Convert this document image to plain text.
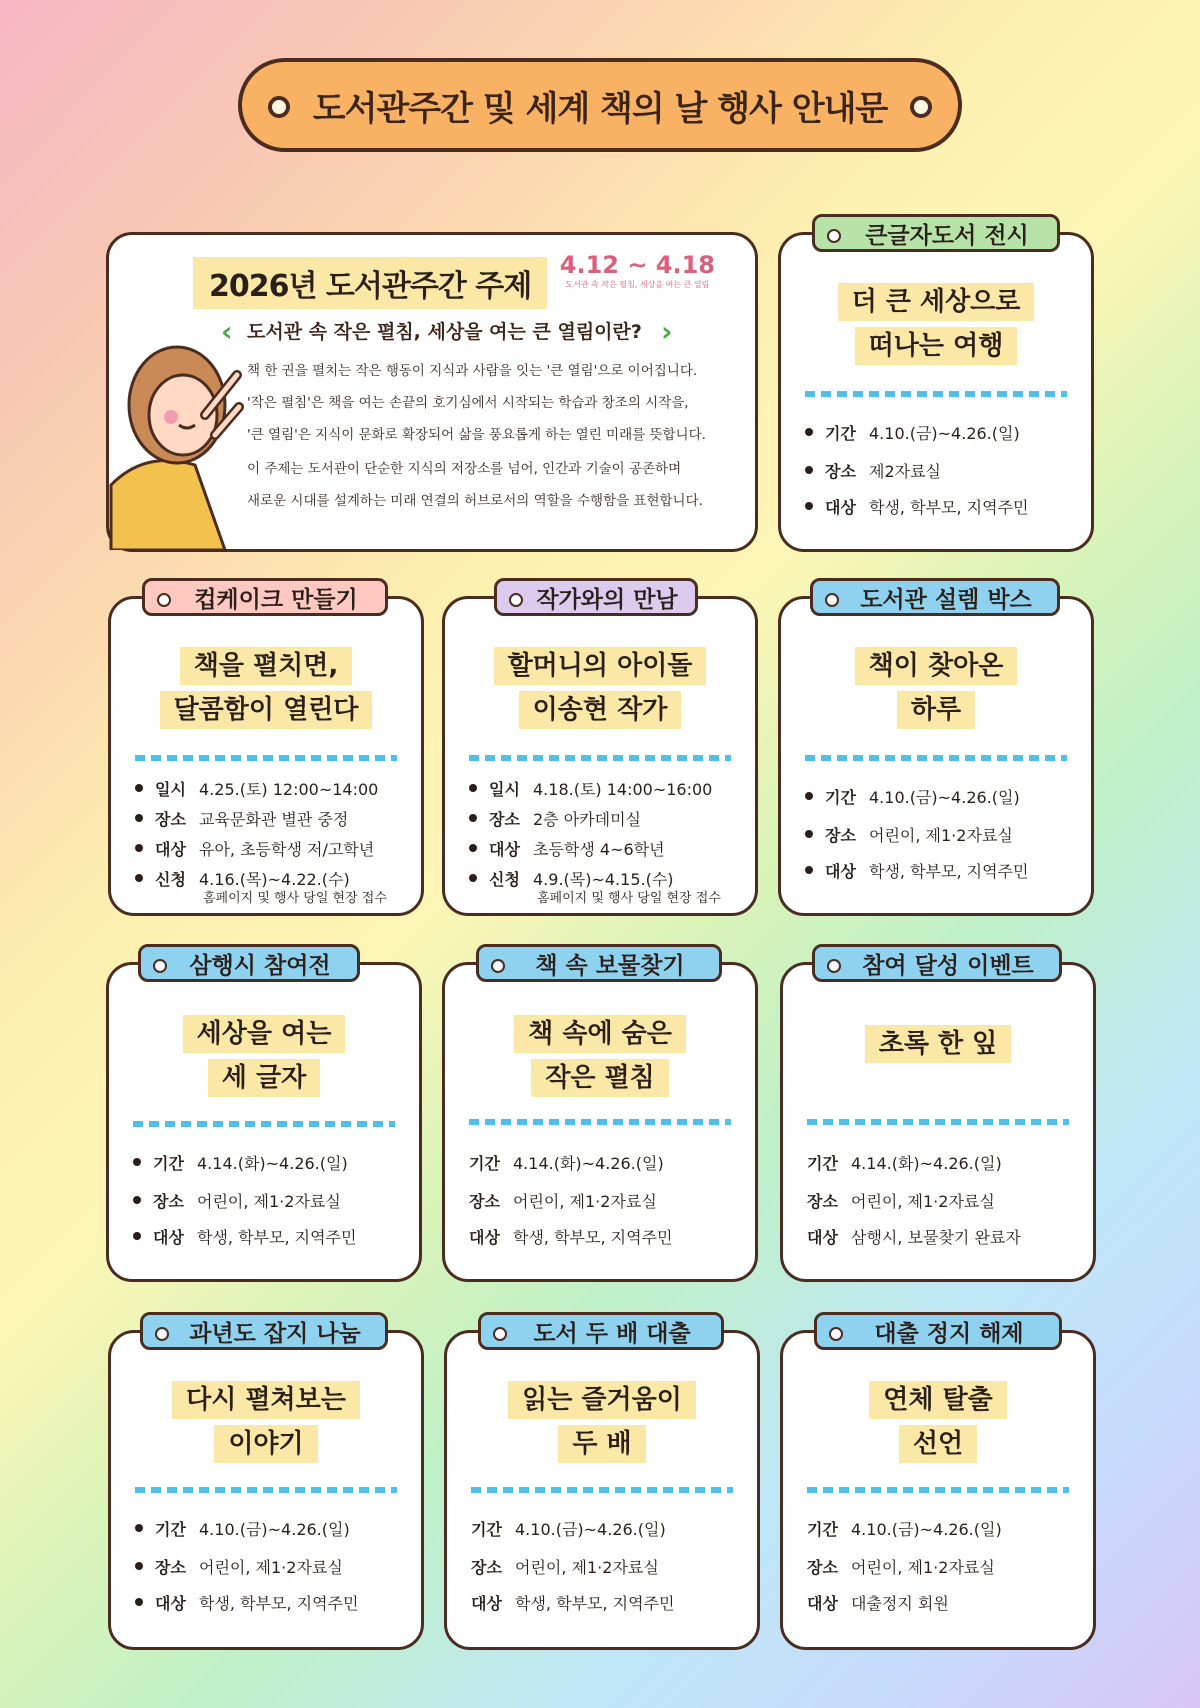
도서관주간 및 세계 책의 날 행사 안내문
2026년 도서관주간 주제
4.12 ~ 4.18
도서관 속 작은 펼침, 세상을 여는 큰 열림
‹ 도서관 속 작은 펼침, 세상을 여는 큰 열림이란? ›

책 한 권을 펼치는 작은 행동이 지식과 사람을 잇는 '큰 열림'으로 이어집니다.

'작은 펼침'은 책을 여는 손끝의 호기심에서 시작되는 학습과 창조의 시작을,

'큰 열림'은 지식이 문화로 확장되어 삶을 풍요롭게 하는 열린 미래를 뜻합니다.

이 주제는 도서관이 단순한 지식의 저장소를 넘어, 인간과 기술이 공존하며

새로운 시대를 설계하는 미래 연결의 허브로서의 역할을 수행함을 표현합니다.

더 큰 세상으로
떠나는 여행
기간 4.10.(금)~4.26.(일)
장소 제2자료실
대상 학생, 학부모, 지역주민
큰글자도서 전시
책을 펼치면,
달콤함이 열린다
일시 4.25.(토) 12:00~14:00
장소 교육문화관 별관 중정
대상 유아, 초등학생 저/고학년
신청 4.16.(목)~4.22.(수)
홈페이지 및 행사 당일 현장 접수
컵케이크 만들기
할머니의 아이돌
이송현 작가
일시 4.18.(토) 14:00~16:00
장소 2층 아카데미실
대상 초등학생 4~6학년
신청 4.9.(목)~4.15.(수)
홈페이지 및 행사 당일 현장 접수
작가와의 만남
책이 찾아온
하루
기간 4.10.(금)~4.26.(일)
장소 어린이, 제1·2자료실
대상 학생, 학부모, 지역주민
도서관 설렘 박스
세상을 여는
세 글자
기간 4.14.(화)~4.26.(일)
장소 어린이, 제1·2자료실
대상 학생, 학부모, 지역주민
삼행시 참여전
책 속에 숨은
작은 펼침
기간 4.14.(화)~4.26.(일)
장소 어린이, 제1·2자료실
대상 학생, 학부모, 지역주민
책 속 보물찾기
초록 한 잎
기간 4.14.(화)~4.26.(일)
장소 어린이, 제1·2자료실
대상 삼행시, 보물찾기 완료자
참여 달성 이벤트
다시 펼쳐보는
이야기
기간 4.10.(금)~4.26.(일)
장소 어린이, 제1·2자료실
대상 학생, 학부모, 지역주민
과년도 잡지 나눔
읽는 즐거움이
두 배
기간 4.10.(금)~4.26.(일)
장소 어린이, 제1·2자료실
대상 학생, 학부모, 지역주민
도서 두 배 대출
연체 탈출
선언
기간 4.10.(금)~4.26.(일)
장소 어린이, 제1·2자료실
대상 대출정지 회원
대출 정지 해제
